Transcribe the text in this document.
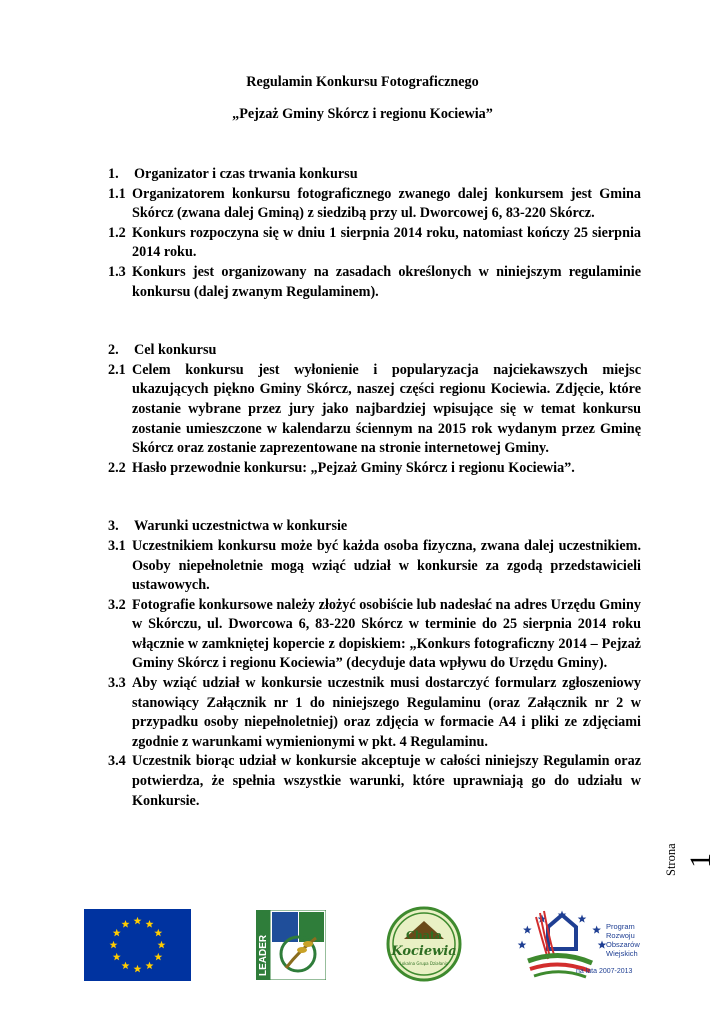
Regulamin Konkursu Fotograficznego
„Pejzaż Gminy Skórcz i regionu Kociewia”
1. Organizator i czas trwania konkursu
1.1 Organizatorem konkursu fotograficznego zwanego dalej konkursem jest Gmina Skórcz (zwana dalej Gminą) z siedzibą przy ul. Dworcowej 6, 83-220 Skórcz.
1.2 Konkurs rozpoczyna się w dniu 1 sierpnia 2014 roku, natomiast kończy 25 sierpnia 2014 roku.
1.3 Konkurs jest organizowany na zasadach określonych w niniejszym regulaminie konkursu (dalej zwanym Regulaminem).
2. Cel konkursu
2.1 Celem konkursu jest wyłonienie i popularyzacja najciekawszych miejsc ukazujących piękno Gminy Skórcz, naszej części regionu Kociewia. Zdjęcie, które zostanie wybrane przez jury jako najbardziej wpisujące się w temat konkursu zostanie umieszczone w kalendarzu ściennym na 2015 rok wydanym przez Gminę Skórcz oraz zostanie zaprezentowane na stronie internetowej Gminy.
2.2 Hasło przewodnie konkursu: „Pejzaż Gminy Skórcz i regionu Kociewia”.
3. Warunki uczestnictwa w konkursie
3.1 Uczestnikiem konkursu może być każda osoba fizyczna, zwana dalej uczestnikiem. Osoby niepełnoletnie mogą wziąć udział w konkursie za zgodą przedstawicieli ustawowych.
3.2 Fotografie konkursowe należy złożyć osobiście lub nadesłać na adres Urzędu Gminy w Skórczu, ul. Dworcowa 6, 83-220 Skórcz w terminie do 25 sierpnia 2014 roku włącznie w zamkniętej kopercie z dopiskiem: „Konkurs fotograficzny 2014 – Pejzaż Gminy Skórcz i regionu Kociewia” (decyduje data wpływu do Urzędu Gminy).
3.3 Aby wziąć udział w konkursie uczestnik musi dostarczyć formularz zgłoszeniowy stanowiący Załącznik nr 1 do niniejszego Regulaminu (oraz Załącznik nr 2 w przypadku osoby niepełnoletniej) oraz zdjęcia w formacie A4 i pliki ze zdjęciami zgodnie z warunkami wymienionymi w pkt. 4 Regulaminu.
3.4 Uczestnik biorąc udział w konkursie akceptuje w całości niniejszy Regulamin oraz potwierdza, że spełnia wszystkie warunki, które uprawniają go do udziału w Konkursie.
Strona 1
LEADER	Chata
Kociewia
Lokalna Grupa Działania
Program
Rozwoju
Obszarów
Wiejskich
na lata 2007-2013
